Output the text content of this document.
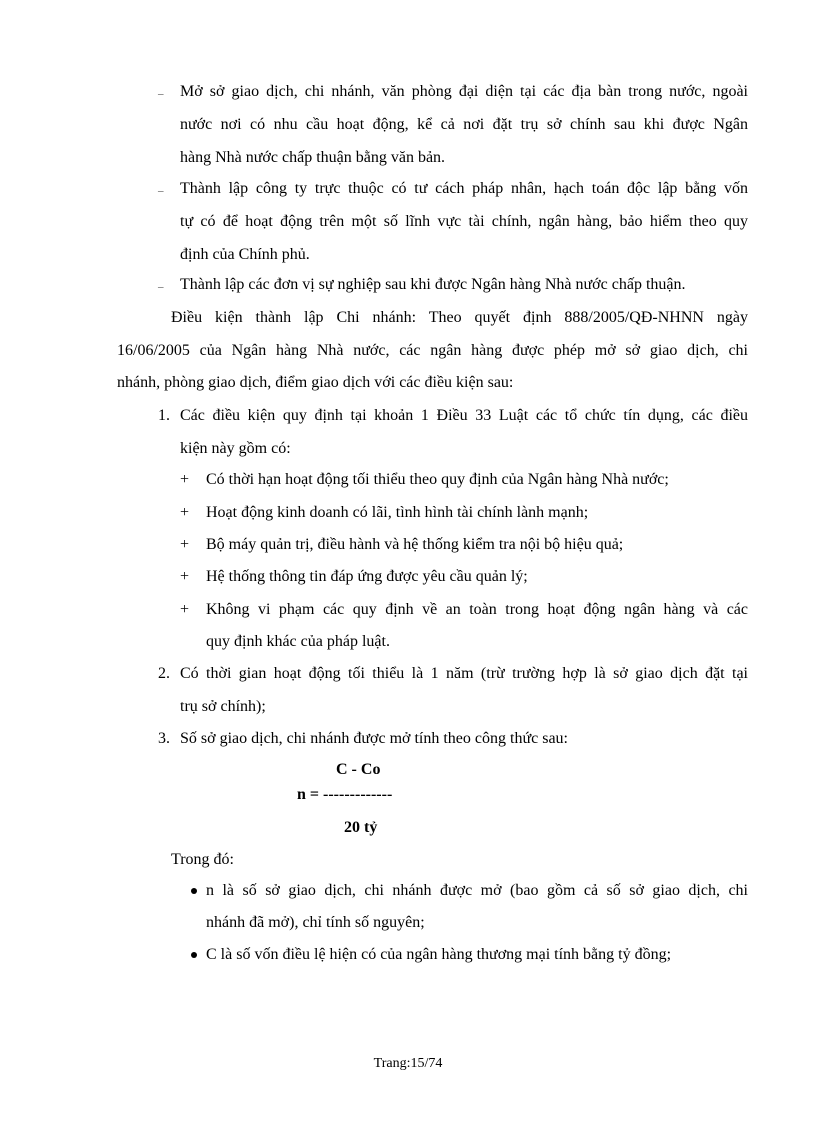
– Mở sở giao dịch, chi nhánh, văn phòng đại diện tại các địa bàn trong nước, ngoài
nước nơi có nhu cầu hoạt động, kể cả nơi đặt trụ sở chính sau khi được Ngân
hàng Nhà nước chấp thuận bằng văn bản.
– Thành lập công ty trực thuộc có tư cách pháp nhân, hạch toán độc lập bằng vốn
tự có để hoạt động trên một số lĩnh vực tài chính, ngân hàng, bảo hiểm theo quy
định của Chính phủ.
– Thành lập các đơn vị sự nghiệp sau khi được Ngân hàng Nhà nước chấp thuận.
Điều kiện thành lập Chi nhánh: Theo quyết định 888/2005/QĐ-NHNN ngày
16/06/2005 của Ngân hàng Nhà nước, các ngân hàng được phép mở sở giao dịch, chi
nhánh, phòng giao dịch, điểm giao dịch với các điều kiện sau:
1. Các điều kiện quy định tại khoản 1 Điều 33 Luật các tổ chức tín dụng, các điều
kiện này gồm có:
+ Có thời hạn hoạt động tối thiểu theo quy định của Ngân hàng Nhà nước;
+ Hoạt động kinh doanh có lãi, tình hình tài chính lành mạnh;
+ Bộ máy quản trị, điều hành và hệ thống kiểm tra nội bộ hiệu quả;
+ Hệ thống thông tin đáp ứng được yêu cầu quản lý;
+ Không vi phạm các quy định về an toàn trong hoạt động ngân hàng và các
quy định khác của pháp luật.
2. Có thời gian hoạt động tối thiểu là 1 năm (trừ trường hợp là sở giao dịch đặt tại
trụ sở chính);
3. Số sở giao dịch, chi nhánh được mở tính theo công thức sau:
C - Co
n = -------------
20 tỷ
Trong đó:
n là số sở giao dịch, chi nhánh được mở (bao gồm cả số sở giao dịch, chi
nhánh đã mở), chỉ tính số nguyên;
C là số vốn điều lệ hiện có của ngân hàng thương mại tính bằng tỷ đồng;
Trang:15/74
